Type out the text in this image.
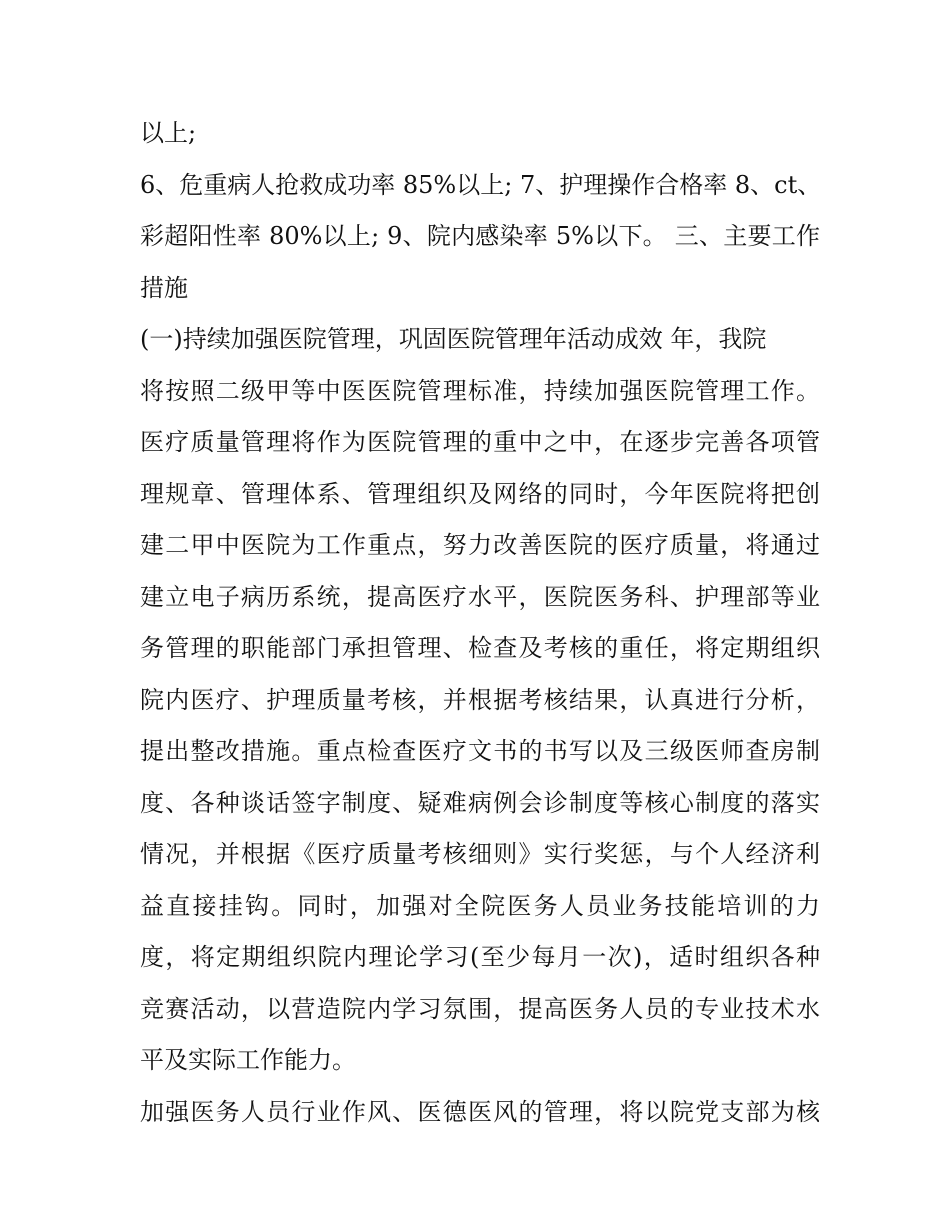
以上;
6、危重病人抢救成功率 85%以上; 7、护理操作合格率 8、ct、
彩超阳性率 80%以上; 9、院内感染率 5%以下。 三、主要工作
措施
(一)持续加强医院管理，巩固医院管理年活动成效 年，我院
将按照二级甲等中医医院管理标准，持续加强医院管理工作。
医疗质量管理将作为医院管理的重中之中，在逐步完善各项管
理规章、管理体系、管理组织及网络的同时，今年医院将把创
建二甲中医院为工作重点，努力改善医院的医疗质量，将通过
建立电子病历系统，提高医疗水平，医院医务科、护理部等业
务管理的职能部门承担管理、检查及考核的重任，将定期组织
院内医疗、护理质量考核，并根据考核结果，认真进行分析，
提出整改措施。重点检查医疗文书的书写以及三级医师查房制
度、各种谈话签字制度、疑难病例会诊制度等核心制度的落实
情况，并根据《医疗质量考核细则》实行奖惩，与个人经济利
益直接挂钩。同时，加强对全院医务人员业务技能培训的力
度，将定期组织院内理论学习(至少每月一次)，适时组织各种
竞赛活动，以营造院内学习氛围，提高医务人员的专业技术水
平及实际工作能力。
加强医务人员行业作风、医德医风的管理，将以院党支部为核
